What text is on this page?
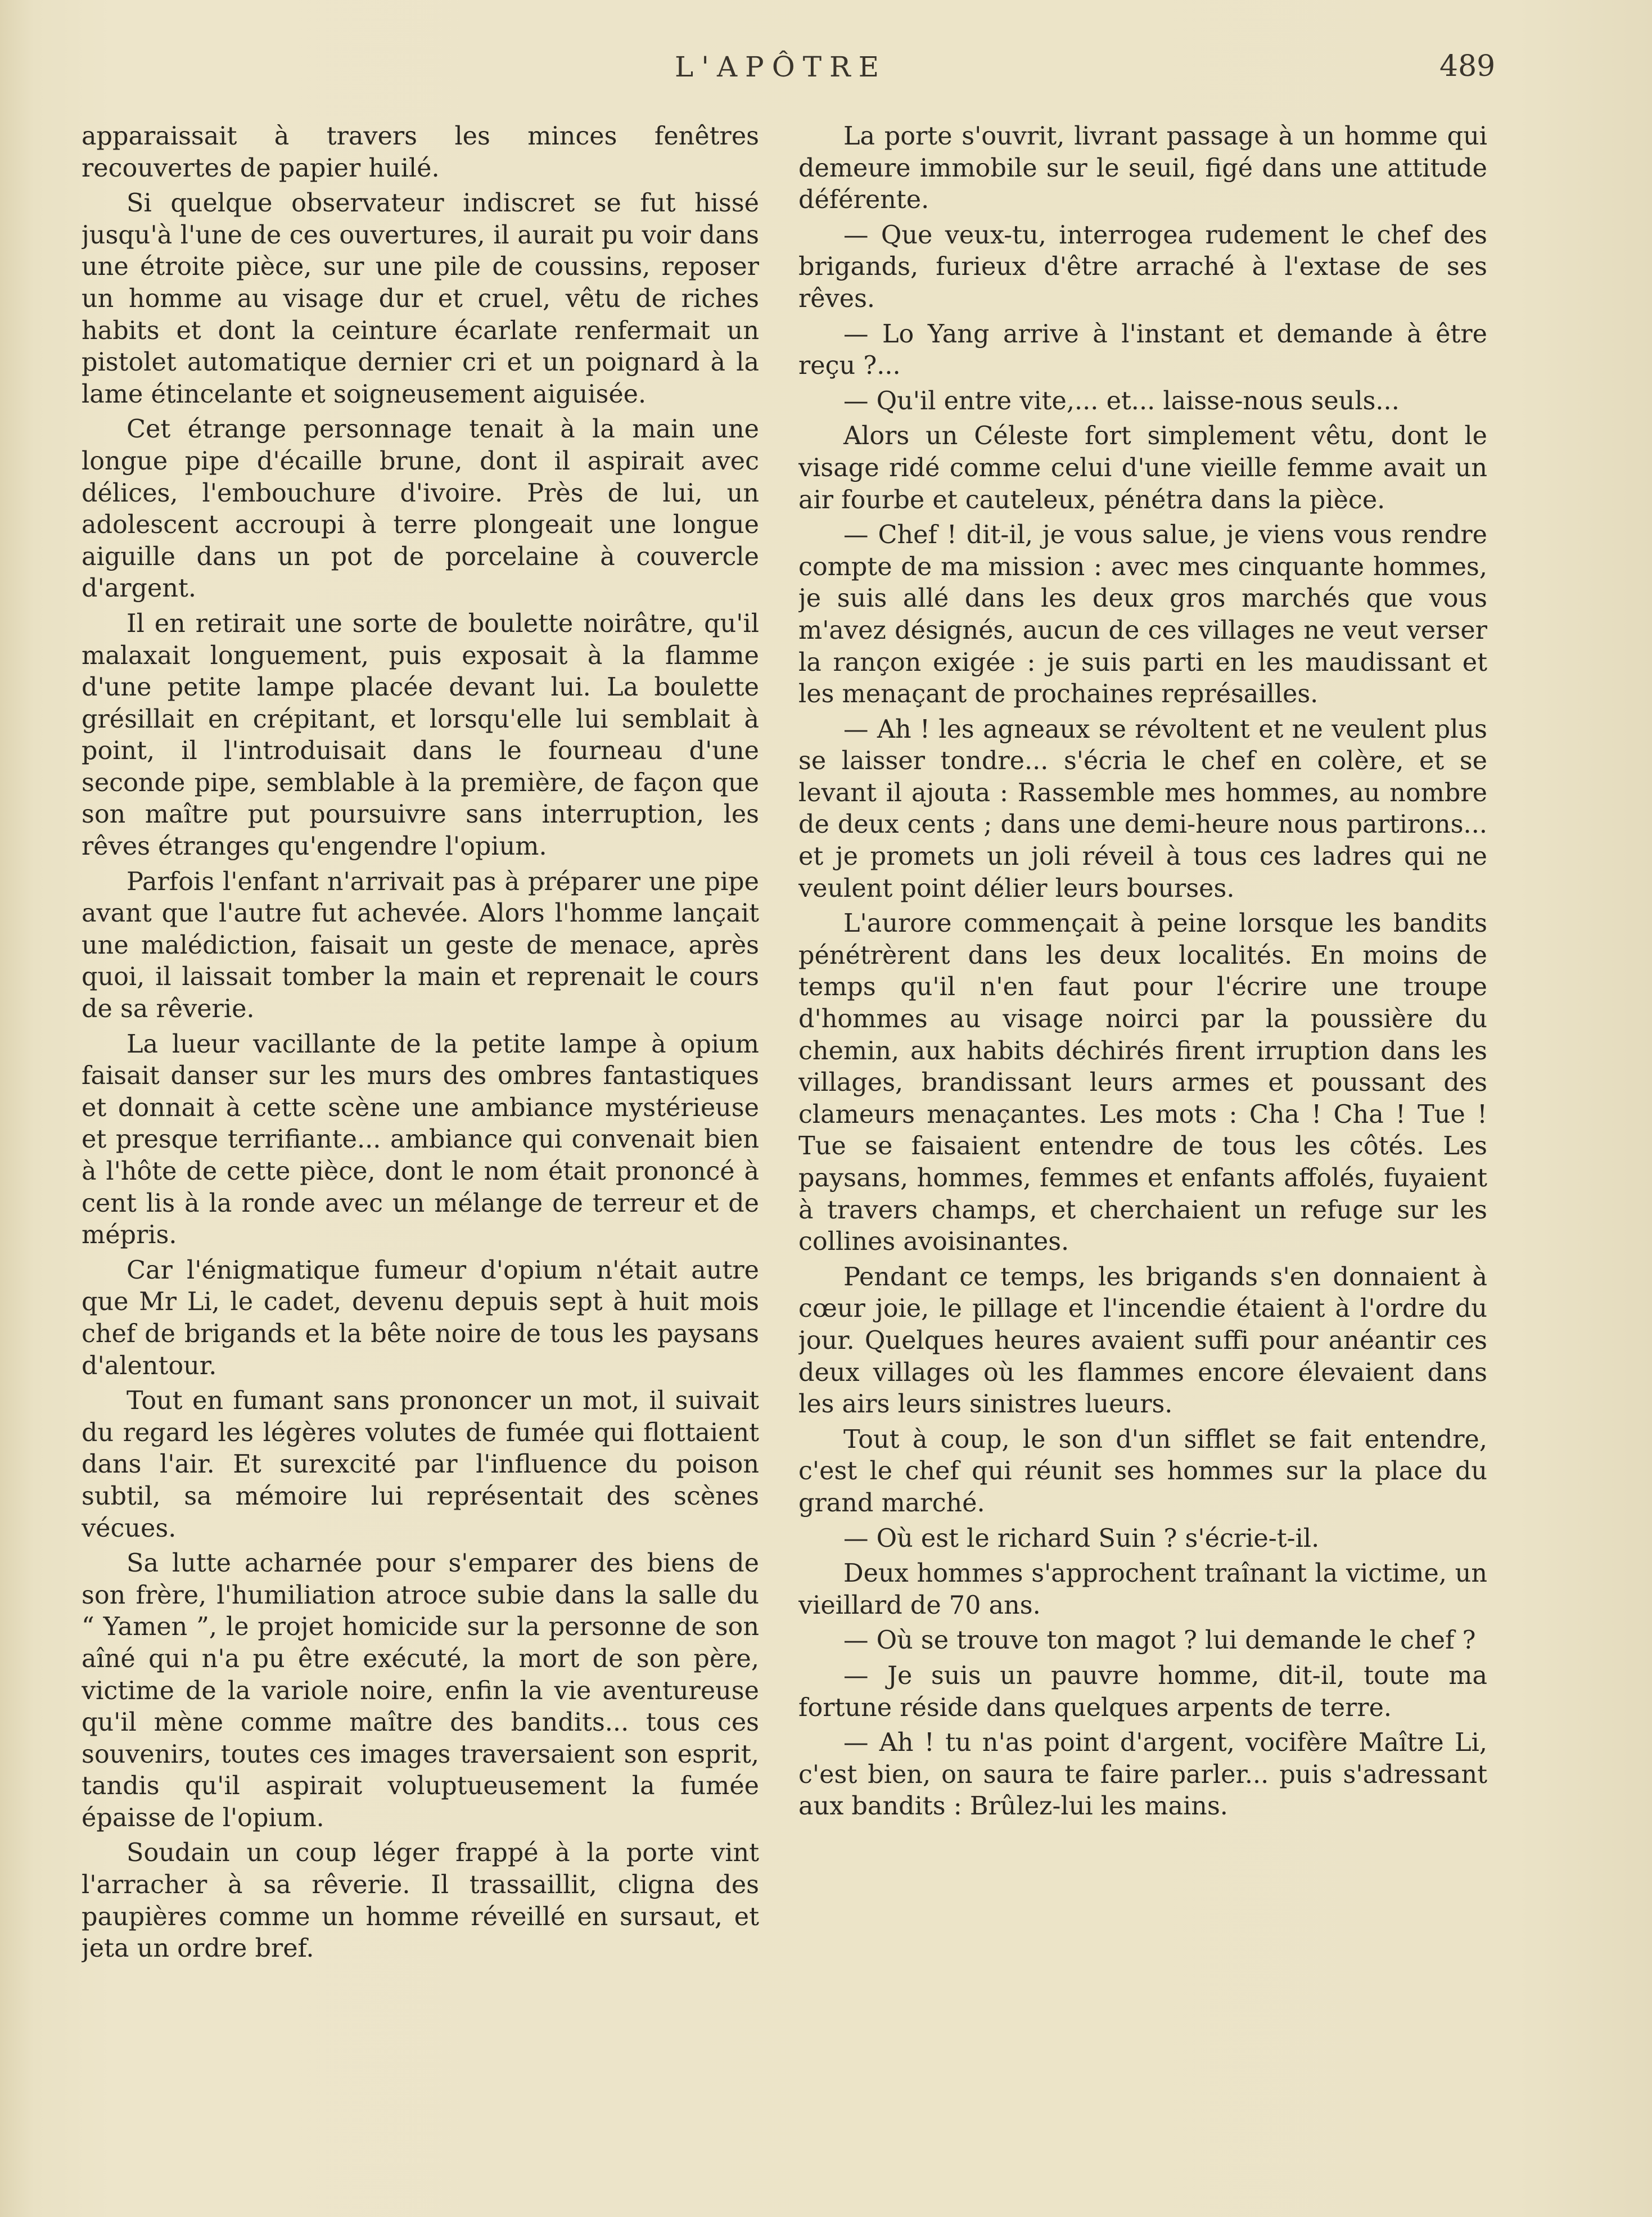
L'APÔTRE	489

apparaissait à travers les minces fenêtres recouvertes de papier huilé.

Si quelque observateur indiscret se fut hissé jusqu'à l'une de ces ouvertures, il aurait pu voir dans une étroite pièce, sur une pile de coussins, reposer un homme au visage dur et cruel, vêtu de riches habits et dont la ceinture écarlate renfermait un pistolet automatique dernier cri et un poignard à la lame étincelante et soigneusement aiguisée.

Cet étrange personnage tenait à la main une longue pipe d'écaille brune, dont il aspirait avec délices, l'embouchure d'ivoire. Près de lui, un adolescent accroupi à terre plongeait une longue aiguille dans un pot de porcelaine à couvercle d'argent.

Il en retirait une sorte de boulette noirâtre, qu'il malaxait longuement, puis exposait à la flamme d'une petite lampe placée devant lui. La boulette grésillait en crépitant, et lorsqu'elle lui semblait à point, il l'introduisait dans le fourneau d'une seconde pipe, semblable à la première, de façon que son maître put poursuivre sans interruption, les rêves étranges qu'engendre l'opium.

Parfois l'enfant n'arrivait pas à préparer une pipe avant que l'autre fut achevée. Alors l'homme lançait une malédiction, faisait un geste de menace, après quoi, il laissait tomber la main et reprenait le cours de sa rêverie.

La lueur vacillante de la petite lampe à opium faisait danser sur les murs des ombres fantastiques et donnait à cette scène une ambiance mystérieuse et presque terrifiante... ambiance qui convenait bien à l'hôte de cette pièce, dont le nom était prononcé à cent lis à la ronde avec un mélange de terreur et de mépris.

Car l'énigmatique fumeur d'opium n'était autre que Mr Li, le cadet, devenu depuis sept à huit mois chef de brigands et la bête noire de tous les paysans d'alentour.

Tout en fumant sans prononcer un mot, il suivait du regard les légères volutes de fumée qui flottaient dans l'air. Et surexcité par l'influence du poison subtil, sa mémoire lui représentait des scènes vécues.

Sa lutte acharnée pour s'emparer des biens de son frère, l'humiliation atroce subie dans la salle du “ Yamen ”, le projet homicide sur la personne de son aîné qui n'a pu être exécuté, la mort de son père, victime de la variole noire, enfin la vie aventureuse qu'il mène comme maître des bandits... tous ces souvenirs, toutes ces images traversaient son esprit, tandis qu'il aspirait voluptueusement la fumée épaisse de l'opium.

Soudain un coup léger frappé à la porte vint l'arracher à sa rêverie. Il trassaillit, cligna des paupières comme un homme réveillé en sursaut, et jeta un ordre bref.

La porte s'ouvrit, livrant passage à un homme qui demeure immobile sur le seuil, figé dans une attitude déférente.

— Que veux-tu, interrogea rudement le chef des brigands, furieux d'être arraché à l'extase de ses rêves.

— Lo Yang arrive à l'instant et demande à être reçu ?...

— Qu'il entre vite,... et... laisse-nous seuls...

Alors un Céleste fort simplement vêtu, dont le visage ridé comme celui d'une vieille femme avait un air fourbe et cauteleux, pénétra dans la pièce.

— Chef ! dit-il, je vous salue, je viens vous rendre compte de ma mission : avec mes cinquante hommes, je suis allé dans les deux gros marchés que vous m'avez désignés, aucun de ces villages ne veut verser la rançon exigée : je suis parti en les maudissant et les menaçant de prochaines représailles.

— Ah ! les agneaux se révoltent et ne veulent plus se laisser tondre... s'écria le chef en colère, et se levant il ajouta : Rassemble mes hommes, au nombre de deux cents ; dans une demi-heure nous partirons... et je promets un joli réveil à tous ces ladres qui ne veulent point délier leurs bourses.

L'aurore commençait à peine lorsque les bandits pénétrèrent dans les deux localités. En moins de temps qu'il n'en faut pour l'écrire une troupe d'hommes au visage noirci par la poussière du chemin, aux habits déchirés firent irruption dans les villages, brandissant leurs armes et poussant des clameurs menaçantes. Les mots : Cha ! Cha ! Tue ! Tue se faisaient entendre de tous les côtés. Les paysans, hommes, femmes et enfants affolés, fuyaient à travers champs, et cherchaient un refuge sur les collines avoisinantes.

Pendant ce temps, les brigands s'en donnaient à cœur joie, le pillage et l'incendie étaient à l'ordre du jour. Quelques heures avaient suffi pour anéantir ces deux villages où les flammes encore élevaient dans les airs leurs sinistres lueurs.

Tout à coup, le son d'un sifflet se fait entendre, c'est le chef qui réunit ses hommes sur la place du grand marché.

— Où est le richard Suin ? s'écrie-t-il.

Deux hommes s'approchent traînant la victime, un vieillard de 70 ans.

— Où se trouve ton magot ? lui demande le chef ?

— Je suis un pauvre homme, dit-il, toute ma fortune réside dans quelques arpents de terre.

— Ah ! tu n'as point d'argent, vocifère Maître Li, c'est bien, on saura te faire parler... puis s'adressant aux bandits : Brûlez-lui les mains.
